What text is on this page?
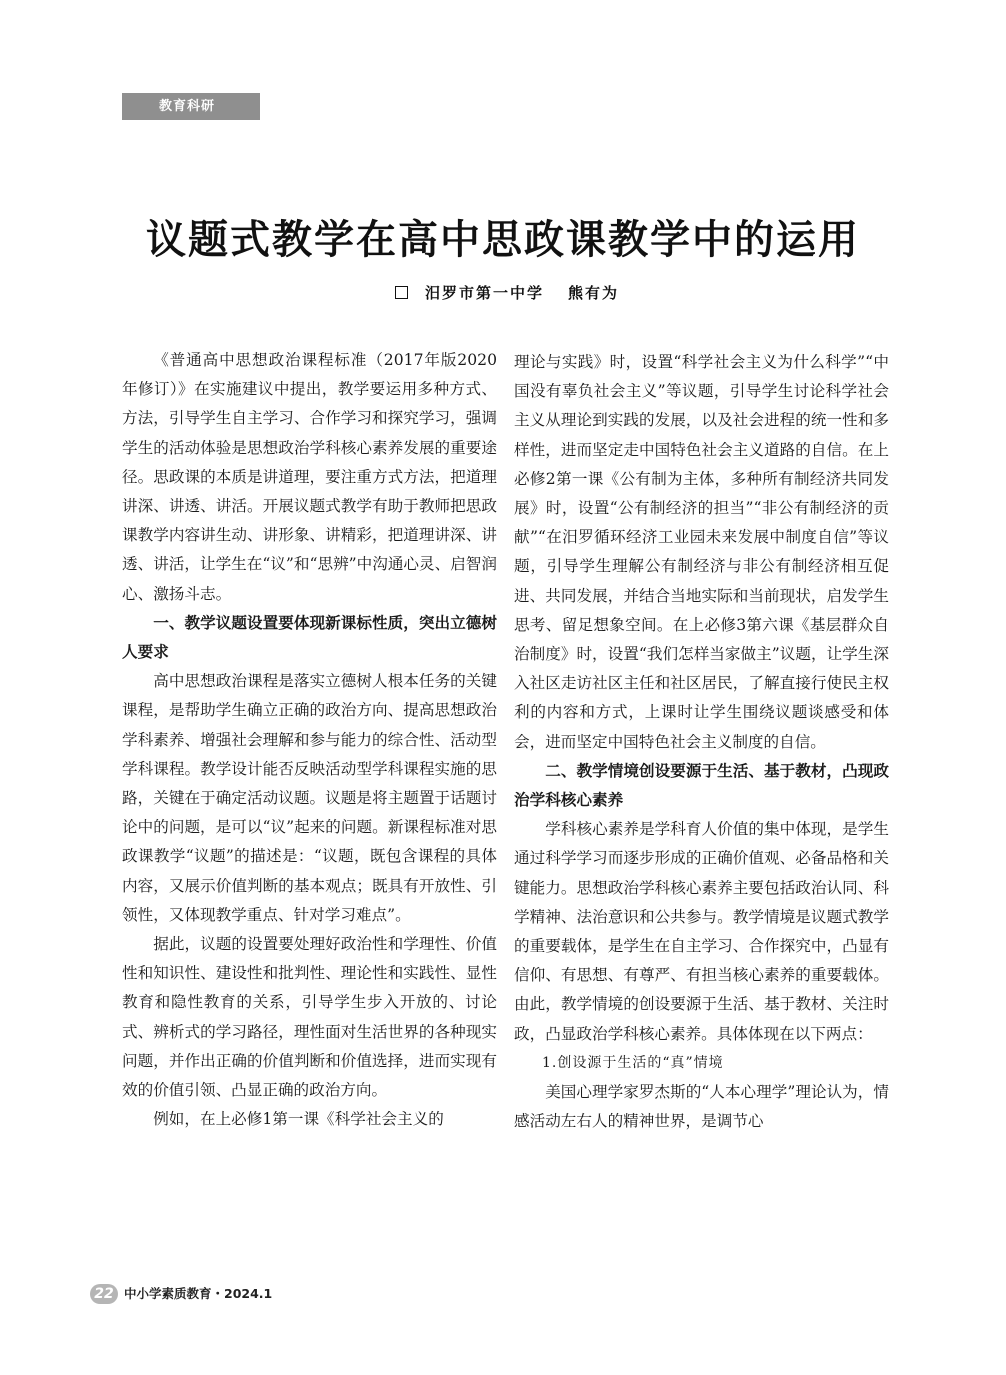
教育科研
议题式教学在高中思政课教学中的运用
汨罗市第一中学 熊有为

《普通高中思想政治课程标准（2017年版2020年修订）》在实施建议中提出，教学要运用多种方式、方法，引导学生自主学习、合作学习和探究学习，强调学生的活动体验是思想政治学科核心素养发展的重要途径。思政课的本质是讲道理，要注重方式方法，把道理讲深、讲透、讲活。开展议题式教学有助于教师把思政课教学内容讲生动、讲形象、讲精彩，把道理讲深、讲透、讲活，让学生在“议”和“思辨”中沟通心灵、启智润心、激扬斗志。

一、教学议题设置要体现新课标性质，突出立德树人要求

高中思想政治课程是落实立德树人根本任务的关键课程，是帮助学生确立正确的政治方向、提高思想政治学科素养、增强社会理解和参与能力的综合性、活动型学科课程。教学设计能否反映活动型学科课程实施的思路，关键在于确定活动议题。议题是将主题置于话题讨论中的问题，是可以“议”起来的问题。新课程标准对思政课教学“议题”的描述是：“议题，既包含课程的具体内容，又展示价值判断的基本观点；既具有开放性、引领性，又体现教学重点、针对学习难点”。

据此，议题的设置要处理好政治性和学理性、价值性和知识性、建设性和批判性、理论性和实践性、显性教育和隐性教育的关系，引导学生步入开放的、讨论式、辨析式的学习路径，理性面对生活世界的各种现实问题，并作出正确的价值判断和价值选择，进而实现有效的价值引领、凸显正确的政治方向。

例如，在上必修1第一课《科学社会主义的

理论与实践》时，设置“科学社会主义为什么科学”“中国没有辜负社会主义”等议题，引导学生讨论科学社会主义从理论到实践的发展，以及社会进程的统一性和多样性，进而坚定走中国特色社会主义道路的自信。在上必修2第一课《公有制为主体，多种所有制经济共同发展》时，设置“公有制经济的担当”“非公有制经济的贡献”“在汨罗循环经济工业园未来发展中制度自信”等议题，引导学生理解公有制经济与非公有制经济相互促进、共同发展，并结合当地实际和当前现状，启发学生思考、留足想象空间。在上必修3第六课《基层群众自治制度》时，设置“我们怎样当家做主”议题，让学生深入社区走访社区主任和社区居民，了解直接行使民主权利的内容和方式，上课时让学生围绕议题谈感受和体会，进而坚定中国特色社会主义制度的自信。

二、教学情境创设要源于生活、基于教材，凸现政治学科核心素养

学科核心素养是学科育人价值的集中体现，是学生通过科学学习而逐步形成的正确价值观、必备品格和关键能力。思想政治学科核心素养主要包括政治认同、科学精神、法治意识和公共参与。教学情境是议题式教学的重要载体，是学生在自主学习、合作探究中，凸显有信仰、有思想、有尊严、有担当核心素养的重要载体。由此，教学情境的创设要源于生活、基于教材、关注时政，凸显政治学科核心素养。具体体现在以下两点：

1.创设源于生活的“真”情境

美国心理学家罗杰斯的“人本心理学”理论认为，情感活动左右人的精神世界，是调节心

22 中小学素质教育・2024.1
